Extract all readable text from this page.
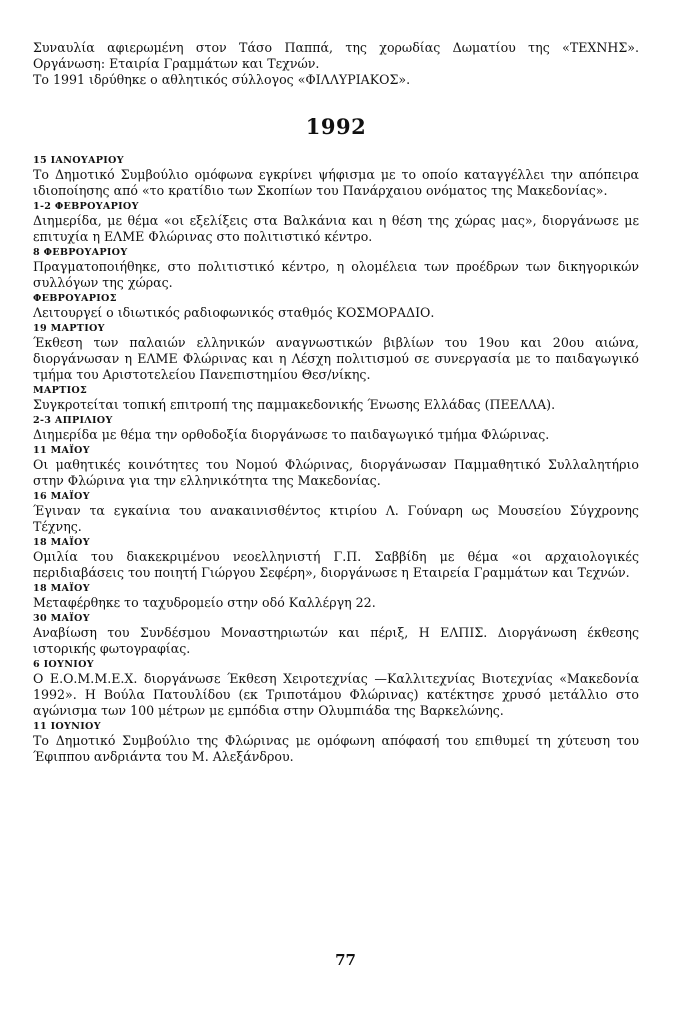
Συναυλία αφιερωμένη στον Τάσο Παππά, της χορωδίας Δωματίου της «ΤΕΧΝΗΣ». Οργάνωση: Εταιρία Γραμμάτων και Τεχνών.

Το 1991 ιδρύθηκε ο αθλητικός σύλλογος «ΦΙΛΛΥΡΙΑΚΟΣ».

1992

15 ΙΑΝΟΥΑΡΙΟΥ

Το Δημοτικό Συμβούλιο ομόφωνα εγκρίνει ψήφισμα με το οποίο καταγγέλλει την απόπειρα ιδιοποίησης από «το κρατίδιο των Σκοπίων του Πανάρχαιου ονόματος της Μακεδονίας».

1-2 ΦΕΒΡΟΥΑΡΙΟΥ

Διημερίδα, με θέμα «οι εξελίξεις στα Βαλκάνια και η θέση της χώρας μας», διοργάνωσε με επιτυχία η ΕΛΜΕ Φλώρινας στο πολιτιστικό κέντρο.

8 ΦΕΒΡΟΥΑΡΙΟΥ

Πραγματοποιήθηκε, στο πολιτιστικό κέντρο, η ολομέλεια των προέδρων των δικηγορικών συλλόγων της χώρας.

ΦΕΒΡΟΥΑΡΙΟΣ

Λειτουργεί ο ιδιωτικός ραδιοφωνικός σταθμός ΚΟΣΜΟΡΑΔΙΟ.

19 ΜΑΡΤΙΟΥ

Έκθεση των παλαιών ελληνικών αναγνωστικών βιβλίων του 19ου και 20ου αιώνα, διοργάνωσαν η ΕΛΜΕ Φλώρινας και η Λέσχη πολιτισμού σε συνεργασία με το παιδαγωγικό τμήμα του Αριστοτελείου Πανεπιστημίου Θεσ/νίκης.

ΜΑΡΤΙΟΣ

Συγκροτείται τοπική επιτροπή της παμμακεδονικής Ένωσης Ελλάδας (ΠΕΕΛΛΑ).

2-3 ΑΠΡΙΛΙΟΥ

Διημερίδα με θέμα την ορθοδοξία διοργάνωσε το παιδαγωγικό τμήμα Φλώρινας.

11 ΜΑΪΟΥ

Οι μαθητικές κοινότητες του Νομού Φλώρινας, διοργάνωσαν Παμμαθητικό Συλλαλητήριο στην Φλώρινα για την ελληνικότητα της Μακεδονίας.

16 ΜΑΪΟΥ

Έγιναν τα εγκαίνια του ανακαινισθέντος κτιρίου Λ. Γούναρη ως Μουσείου Σύγχρονης Τέχνης.

18 ΜΑΪΟΥ

Ομιλία του διακεκριμένου νεοελληνιστή Γ.Π. Σαββίδη με θέμα «οι αρχαιολογικές περιδιαβάσεις του ποιητή Γιώργου Σεφέρη», διοργάνωσε η Εταιρεία Γραμμάτων και Τεχνών.

18 ΜΑΪΟΥ

Μεταφέρθηκε το ταχυδρομείο στην οδό Καλλέργη 22.

30 ΜΑΪΟΥ

Αναβίωση του Συνδέσμου Μοναστηριωτών και πέριξ, Η ΕΛΠΙΣ. Διοργάνωση έκθεσης ιστορικής φωτογραφίας.

6 ΙΟΥΝΙΟΥ

Ο Ε.Ο.Μ.Μ.Ε.Χ. διοργάνωσε Έκθεση Χειροτεχνίας —Καλλιτεχνίας Βιοτεχνίας «Μακεδονία 1992». Η Βούλα Πατουλίδου (εκ Τριποτάμου Φλώρινας) κατέκτησε χρυσό μετάλλιο στο αγώνισμα των 100 μέτρων με εμπόδια στην Ολυμπιάδα της Βαρκελώνης.

11 ΙΟΥΝΙΟΥ

Το Δημοτικό Συμβούλιο της Φλώρινας με ομόφωνη απόφασή του επιθυμεί τη χύτευση του Έφιππου ανδριάντα του Μ. Αλεξάνδρου.

77
